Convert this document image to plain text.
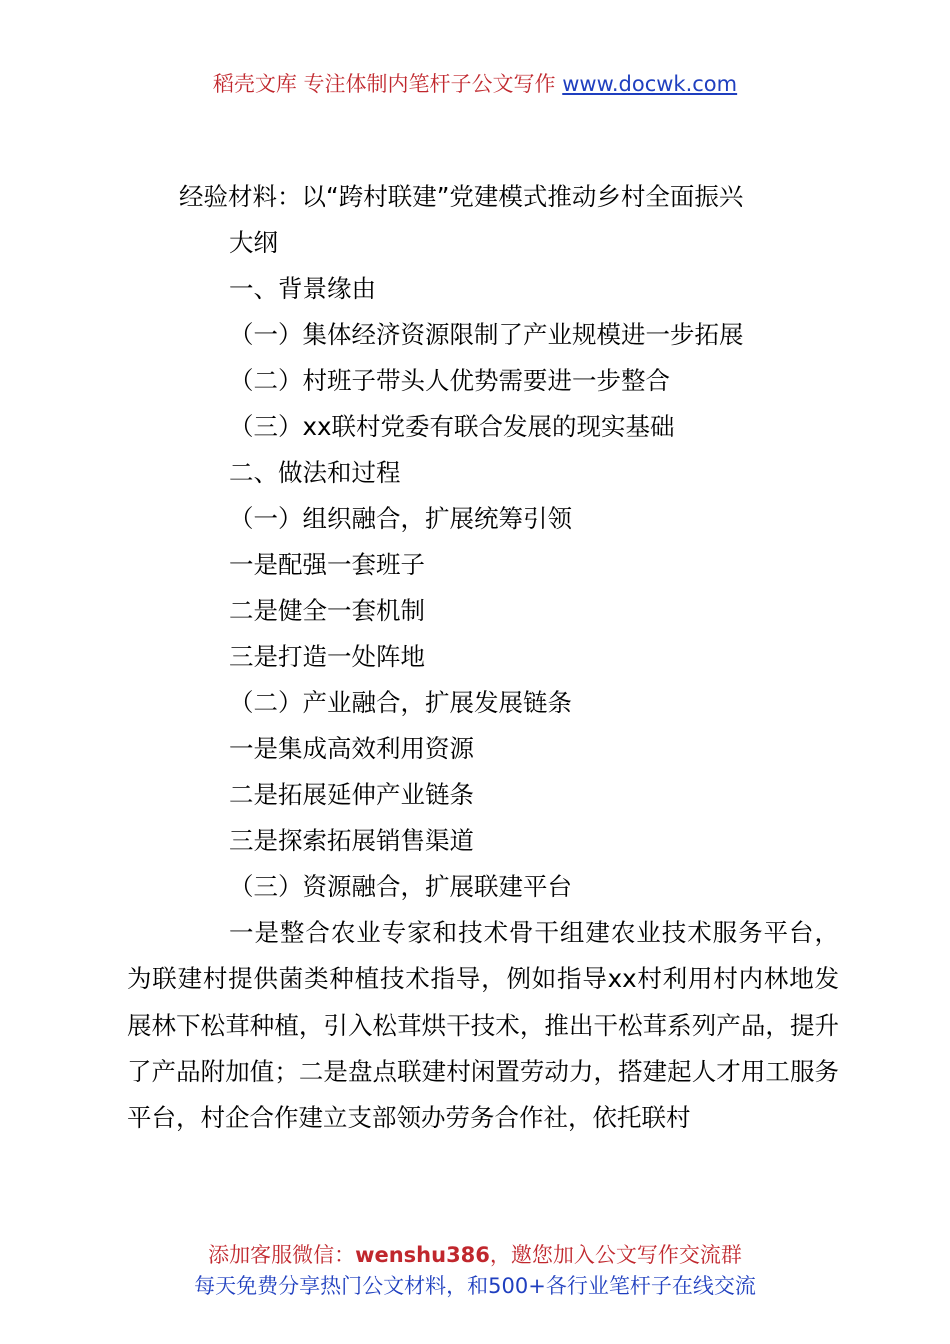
稻壳文库 专注体制内笔杆子公文写作 www.docwk.com
经验材料：以“跨村联建”党建模式推动乡村全面振兴
大纲
一、背景缘由
（一）集体经济资源限制了产业规模进一步拓展
（二）村班子带头人优势需要进一步整合
（三）xx联村党委有联合发展的现实基础
二、做法和过程
（一）组织融合，扩展统筹引领
一是配强一套班子
二是健全一套机制
三是打造一处阵地
（二）产业融合，扩展发展链条
一是集成高效利用资源
二是拓展延伸产业链条
三是探索拓展销售渠道
（三）资源融合，扩展联建平台

一是整合农业专家和技术骨干组建农业技术服务平台，为联建村提供菌类种植技术指导，例如指导xx村利用村内林地发展林下松茸种植，引入松茸烘干技术，推出干松茸系列产品，提升了产品附加值；二是盘点联建村闲置劳动力，搭建起人才用工服务平台，村企合作建立支部领办劳务合作社，依托联村

添加客服微信：wenshu386，邀您加入公文写作交流群
每天免费分享热门公文材料，和500+各行业笔杆子在线交流
